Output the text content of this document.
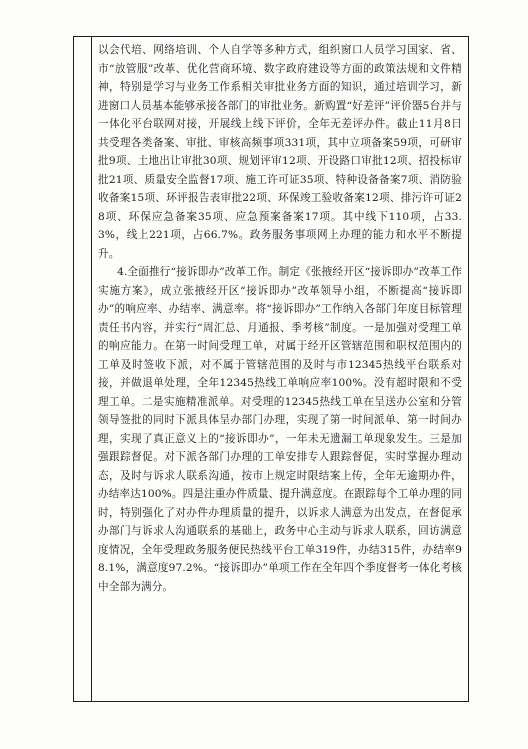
以会代培、网络培训、个人自学等多种方式，组织窗口人员学习国家、省、市“放管服”改革、优化营商环境、数字政府建设等方面的政策法规和文件精神，特别是学习与业务工作系相关审批业务方面的知识，通过培训学习，新进窗口人员基本能够承接各部门的审批业务。新购置“好差评”评价器5台并与一体化平台联网对接，开展线上线下评价，全年无差评办件。截止11月8日共受理各类备案、审批、审核高频事项331项，其中立项备案59项，可研审批9项、土地出让审批30项、规划评审12项、开设路口审批12项、招投标审批21项、质量安全监督17项、施工许可证35项、特种设备备案7项、消防验收备案15项、环评报告表审批22项、环保竣工验收备案12项、排污许可证28项、环保应急备案35项、应急预案备案17项。其中线下110项，占33.3%，线上221项，占66.7%。政务服务事项网上办理的能力和水平不断提升。

4.全面推行“接诉即办”改革工作。制定《张掖经开区“接诉即办”改革工作实施方案》，成立张掖经开区“接诉即办”改革领导小组，不断提高“接诉即办”的响应率、办结率、满意率。将“接诉即办”工作纳入各部门年度目标管理责任书内容，并实行“周汇总、月通报、季考核”制度。一是加强对受理工单的响应能力。在第一时间受理工单，对属于经开区管辖范围和职权范围内的工单及时签收下派，对不属于管辖范围的及时与市12345热线平台联系对接，并做退单处理，全年12345热线工单响应率100%。没有超时限和不受理工单。二是实施精准派单。对受理的12345热线工单在呈送办公室和分管领导签批的同时下派具体呈办部门办理，实现了第一时间派单、第一时间办理，实现了真正意义上的“接诉即办”，一年未无遗漏工单现象发生。三是加强跟踪督促。对下派各部门办理的工单安排专人跟踪督促，实时掌握办理动态，及时与诉求人联系沟通，按市上规定时限结案上传，全年无逾期办件，办结率达100%。四是注重办件质量、提升满意度。在跟踪每个工单办理的同时，特别强化了对办件办理质量的提升，以诉求人满意为出发点，在督促承办部门与诉求人沟通联系的基础上，政务中心主动与诉求人联系，回访满意度情况，全年受理政务服务便民热线平台工单319件，办结315件，办结率98.1%，满意度97.2%。“接诉即办”单项工作在全年四个季度督考一体化考核中全部为满分。
